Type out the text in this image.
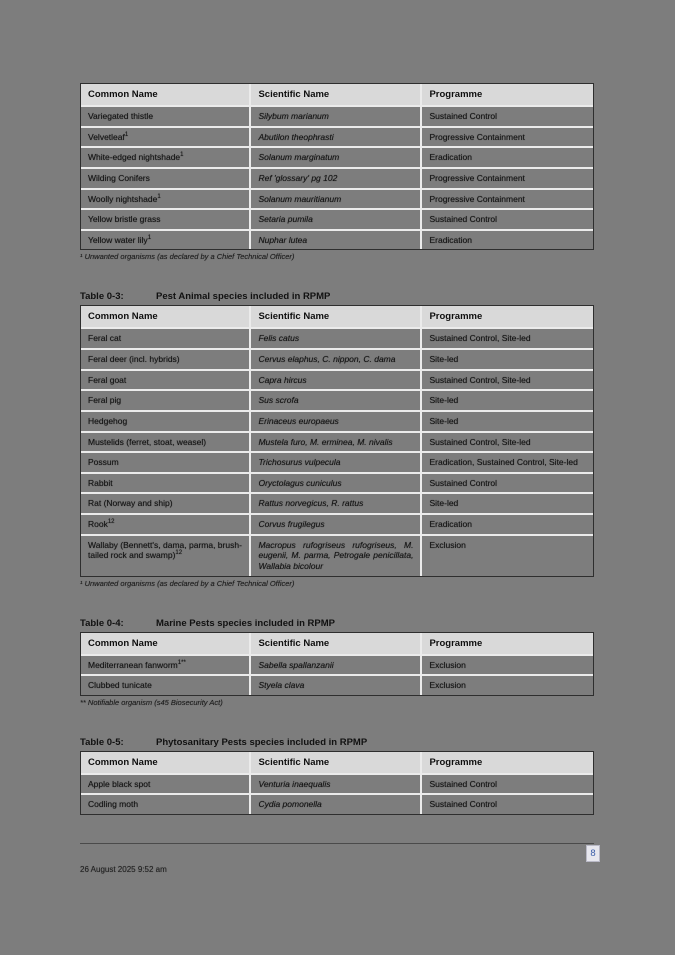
Common Name	Scientific Name	Programme
Variegated thistle	Silybum marianum	Sustained Control
Velvetleaf$^1$	Abutilon theophrasti	Progressive Containment
White-edged nightshade$^1$	Solanum marginatum	Eradication
Wilding Conifers	Ref 'glossary' pg 102	Progressive Containment
Woolly nightshade$^1$	Solanum mauritianum	Progressive Containment
Yellow bristle grass	Setaria pumila	Sustained Control
Yellow water lily$^1$	Nuphar lutea	Eradication
¹ Unwanted organisms (as declared by a Chief Technical Officer)
Table 0-3:	Pest Animal species included in RPMP
Common Name	Scientific Name	Programme
Feral cat	Felis catus	Sustained Control, Site-led
Feral deer (incl. hybrids)	Cervus elaphus, C. nippon, C. dama	Site-led
Feral goat	Capra hircus	Sustained Control, Site-led
Feral pig	Sus scrofa	Site-led
Hedgehog	Erinaceus europaeus	Site-led
Mustelids (ferret, stoat, weasel)	Mustela furo, M. erminea, M. nivalis	Sustained Control, Site-led
Possum	Trichosurus vulpecula	Eradication, Sustained Control, Site-led
Rabbit	Oryctolagus cuniculus	Sustained Control
Rat (Norway and ship)	Rattus norvegicus, R. rattus	Site-led
Rook$^{12}$	Corvus frugilegus	Eradication
Wallaby (Bennett's, dama, parma, brush-tailed rock and swamp)$^{12}$	Macropus rufogriseus rufogriseus, M. eugenii, M. parma, Petrogale penicillata, Wallabia bicolour	Exclusion
¹ Unwanted organisms (as declared by a Chief Technical Officer)
Table 0-4:	Marine Pests species included in RPMP
Common Name	Scientific Name	Programme
Mediterranean fanworm$^{1**}$	Sabella spallanzanii	Exclusion
Clubbed tunicate	Styela clava	Exclusion
** Notifiable organism (s45 Biosecurity Act)
Table 0-5:	Phytosanitary Pests species included in RPMP
Common Name	Scientific Name	Programme
Apple black spot	Venturia inaequalis	Sustained Control
Codling moth	Cydia pomonella	Sustained Control
8
26 August 2025 9:52 am
